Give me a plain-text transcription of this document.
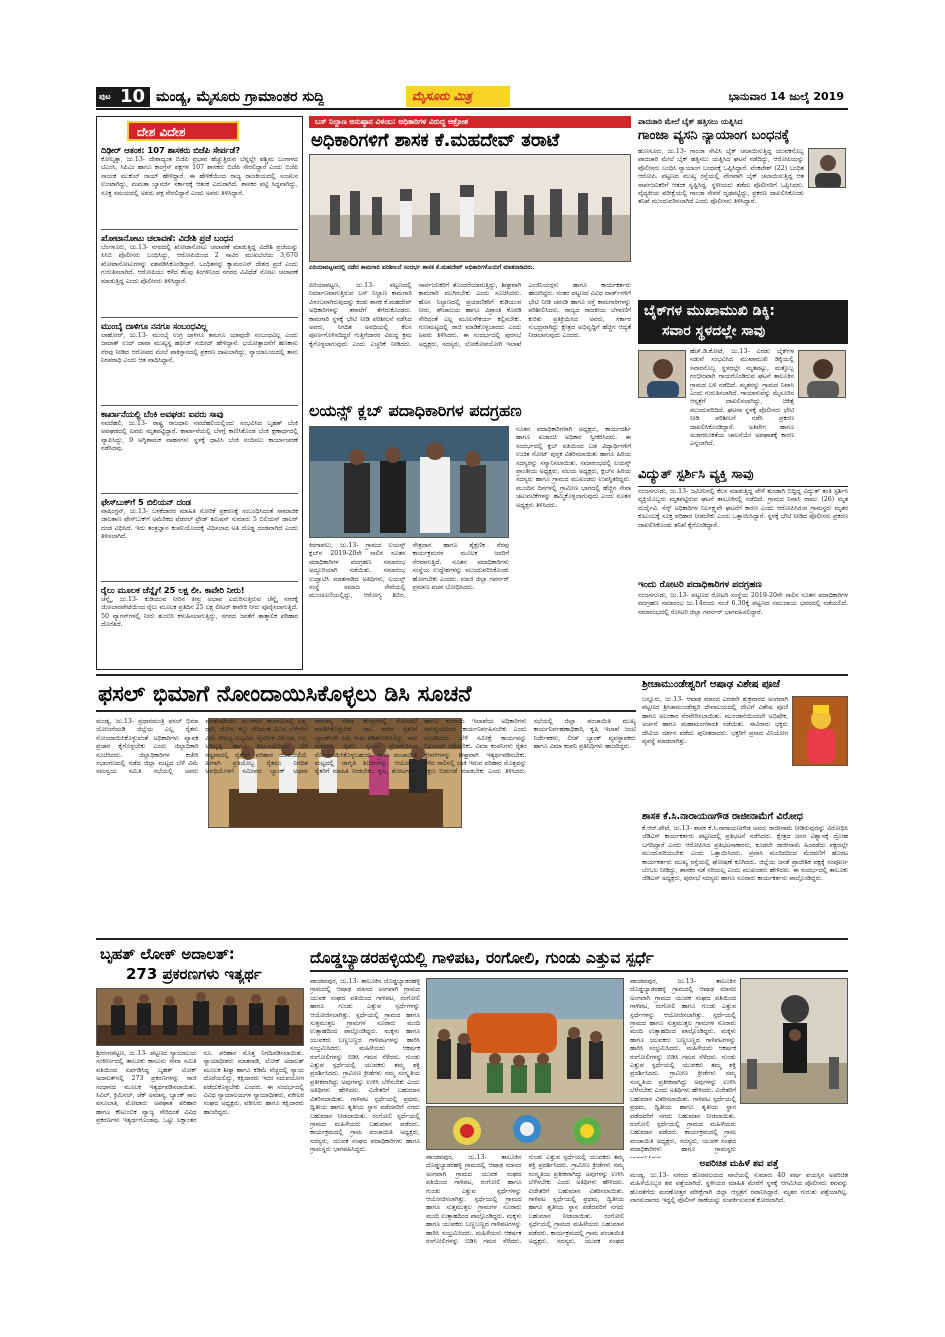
ಪುಟ 10 ಮಂಡ್ಯ, ಮೈಸೂರು ಗ್ರಾಮಾಂತರ ಸುದ್ದಿ	ಮೈಸೂರು ಮಿತ್ರ	ಭಾನುವಾರ 14 ಜುಲೈ 2019
ದೇಶ ವಿದೇಶ
ದಿಢೀರ್ ಆತಂಕ: 107 ಶಾಸಕರು ಬಿಜೆಪಿ ಸೇರ್ಪಡೆ?
ಕೋಲ್ಕತ್ತಾ, ಜು.13- ದೇಶಾದ್ಯಂತ ಬಿಜೆಪಿ ಪ್ರಭಾವ ಹೆಚ್ಚುತ್ತಿರುವ ಬೆನ್ನಲ್ಲೇ ಪಶ್ಚಿಮ ಬಂಗಾಳದ ಟಿಎಂಸಿ, ಸಿಪಿಎಂ ಹಾಗೂ ಕಾಂಗ್ರೆಸ್ ಪಕ್ಷಗಳ 107 ಶಾಸಕರು ಬಿಜೆಪಿ ಸೇರಲಿದ್ದಾರೆ ಎಂದು ಬಿಜೆಪಿ ನಾಯಕ ಮುಕುಲ್ ರಾಯ್ ಹೇಳಿದ್ದಾರೆ. ಈ ಹೇಳಿಕೆಯಿಂದ ರಾಜ್ಯ ರಾಜಕೀಯದಲ್ಲಿ ಸಂಚಲನ ಉಂಟಾಗಿದ್ದು, ಮಮತಾ ಬ್ಯಾನರ್ಜಿ ಸರ್ಕಾರಕ್ಕೆ ಆತಂಕ ಎದುರಾಗಿದೆ. ಶಾಸಕರ ಪಟ್ಟಿ ಸಿದ್ಧವಾಗಿದ್ದು, ಸೂಕ್ತ ಸಮಯದಲ್ಲಿ ಅವರು ಪಕ್ಷ ಸೇರಲಿದ್ದಾರೆ ಎಂದು ಅವರು ತಿಳಿಸಿದ್ದಾರೆ.
ಖೋಟಾನೋಟು ಚಲಾವಣೆ: ವಿದೇಶಿ ಪ್ರಜೆ ಬಂಧನ
ಬೆಂಗಳೂರು, ಜು.13- ನಗರದಲ್ಲಿ ಖೋಟಾನೋಟು ಚಲಾವಣೆ ಮಾಡುತ್ತಿದ್ದ ವಿದೇಶಿ ಪ್ರಜೆಯನ್ನು ಸಿಸಿಬಿ ಪೊಲೀಸರು ಬಂಧಿಸಿದ್ದು, ಆರೋಪಿಯಿಂದ 2 ಸಾವಿರ ಮುಖಬೆಲೆಯ 3,670 ಖೋಟಾನೋಟುಗಳನ್ನು ವಶಪಡಿಸಿಕೊಂಡಿದ್ದಾರೆ. ಬಂಧಿತನನ್ನು ಕ್ಯಾಮರೂನ್ ದೇಶದ ಪ್ರಜೆ ಎಂದು ಗುರುತಿಸಲಾಗಿದೆ. ಆರೋಪಿಯು ಕಳೆದ ಕೆಲವು ತಿಂಗಳಿನಿಂದ ನಗರದ ವಿವಿಧೆಡೆ ನೋಟು ಚಲಾವಣೆ ಮಾಡುತ್ತಿದ್ದ ಎಂದು ಪೊಲೀಸರು ತಿಳಿಸಿದ್ದಾರೆ.
ಮುಂಬೈ ದಾಳಿಗೂ ನನಗೂ ಸಂಬಂಧವಿಲ್ಲ
ಲಾಹೋರ್, ಜು.13- ಮುಂಬೈ ಉಗ್ರ ದಾಳಿಗೂ ತಮಗೂ ಯಾವುದೇ ಸಂಬಂಧವಿಲ್ಲ ಎಂದು ಜಮಾತ್ ಉದ್ ದಾವಾ ಮುಖ್ಯಸ್ಥ ಹಫೀಜ್ ಸಯೀದ್ ಹೇಳಿದ್ದಾನೆ. ಭಯೋತ್ಪಾದನೆಗೆ ಹಣಕಾಸು ನೆರವು ನೀಡಿದ ಆರೋಪದ ಮೇಲೆ ಪಾಕಿಸ್ತಾನದಲ್ಲಿ ಪ್ರಕರಣ ದಾಖಲಾಗಿದ್ದು, ನ್ಯಾಯಾಲಯದಲ್ಲಿ ತಾನು ನಿರಪರಾಧಿ ಎಂದು ಆತ ವಾದಿಸಿದ್ದಾನೆ.
ಕಾರ್ಖಾನೆಯಲ್ಲಿ ಬೆಂಕಿ ಅವಘಡ: ಐವರು ಸಾವು
ನವದೆಹಲಿ, ಜು.13- ರಾಷ್ಟ್ರ ರಾಜಧಾನಿ ನವದೆಹಲಿಯಲ್ಲಿಂದು ಸಂಭವಿಸಿದ ಬೃಹತ್ ಬೆಂಕಿ ಅವಘಡದಲ್ಲಿ ಐವರು ಮೃತಪಟ್ಟಿದ್ದಾರೆ. ಕಾರ್ಖಾನೆಯಲ್ಲಿ ಬೆಳಗ್ಗೆ ಕಾಣಿಸಿಕೊಂಡ ಬೆಂಕಿ ಕ್ಷಣಾರ್ಧದಲ್ಲಿ ವ್ಯಾಪಿಸಿದ್ದು, 9 ಅಗ್ನಿಶಾಮಕ ವಾಹನಗಳು ಸ್ಥಳಕ್ಕೆ ಧಾವಿಸಿ ಬೆಂಕಿ ನಂದಿಸಲು ಕಾರ್ಯಾಚರಣೆ ನಡೆಸಿದವು.
ಫೇಸ್‍ಬುಕ್‍ಗೆ 5 ಬಿಲಿಯನ್ ದಂಡ
ವಾಷಿಂಗ್ಟನ್, ಜು.13- ಬಳಕೆದಾರರ ಮಾಹಿತಿ ಸೋರಿಕೆ ಪ್ರಕರಣಕ್ಕೆ ಸಂಬಂಧಿಸಿದಂತೆ ಸಾಮಾಜಿಕ ಜಾಲತಾಣ ಫೇಸ್‍ಬುಕ್‍ಗೆ ಅಮೆರಿಕದ ಫೆಡರಲ್ ಟ್ರೇಡ್ ಕಮಿಷನ್ ಸುಮಾರು 5 ಬಿಲಿಯನ್ ಡಾಲರ್ ದಂಡ ವಿಧಿಸಿದೆ. ಇದು ತಂತ್ರಜ್ಞಾನ ಕಂಪನಿಯೊಂದಕ್ಕೆ ವಿಧಿಸಲಾದ ಅತಿ ದೊಡ್ಡ ದಂಡವಾಗಿದೆ ಎಂದು ತಿಳಿಸಲಾಗಿದೆ.
ರೈಲು ಮೂಲಕ ಚೆನ್ನೈಗೆ 25 ಲಕ್ಷ ಲೀ. ಕಾವೇರಿ ನೀರು!
ಚೆನ್ನೈ, ಜು.13- ಕುಡಿಯುವ ನೀರಿನ ತೀವ್ರ ಅಭಾವ ಎದುರಿಸುತ್ತಿರುವ ಚೆನ್ನೈ ನಗರಕ್ಕೆ ಜೋಲಾರಪೇಟೆಯಿಂದ ರೈಲು ಮೂಲಕ ಪ್ರತಿದಿನ 25 ಲಕ್ಷ ಲೀಟರ್ ಕಾವೇರಿ ನೀರು ಪೂರೈಸಲಾಗುತ್ತಿದೆ. 50 ವ್ಯಾಗನ್‍ಗಳಲ್ಲಿ ನೀರು ತುಂಬಿಸಿ ಕಳುಹಿಸಲಾಗುತ್ತಿದ್ದು, ನಗರದ ಜನತೆಗೆ ತಾತ್ಕಾಲಿಕ ಪರಿಹಾರ ದೊರೆತಿದೆ.
ಬಸ್ ನಿಲ್ದಾಣ ಅನುಷ್ಠಾನ ವಿಳಂಬ: ಅಧಿಕಾರಿಗಳ ವಿರುದ್ಧ ಆಕ್ರೋಶ
ಅಧಿಕಾರಿಗಳಿಗೆ ಶಾಸಕ ಕೆ.ಮಹದೇವ್ ತರಾಟೆ
ಪಿರಿಯಾಪಟ್ಟಣದಲ್ಲಿ ನಡೆದ ಕಾಮಗಾರಿ ಪರಿಶೀಲನೆ ಸಂದರ್ಭ ಶಾಸಕ ಕೆ.ಮಹದೇವ್ ಅಧಿಕಾರಿಗಳೊಂದಿಗೆ ಮಾತನಾಡಿದರು.
ಪಿರಿಯಾಪಟ್ಟಣ, ಜು.13- ಪಟ್ಟಣದಲ್ಲಿ ನಿರ್ಮಾಣವಾಗುತ್ತಿರುವ ಬಸ್ ನಿಲ್ದಾಣ ಕಾಮಗಾರಿ ವಿಳಂಬವಾಗಿರುವುದನ್ನು ಕಂಡು ಶಾಸಕ ಕೆ.ಮಹದೇವ್ ಅಧಿಕಾರಿಗಳನ್ನು ತರಾಟೆಗೆ ತೆಗೆದುಕೊಂಡರು. ಕಾಮಗಾರಿ ಸ್ಥಳಕ್ಕೆ ಭೇಟಿ ನೀಡಿ ಪರಿಶೀಲನೆ ನಡೆಸಿದ ಅವರು, ನಿಗದಿತ ಅವಧಿಯಲ್ಲಿ ಕೆಲಸ ಪೂರ್ಣಗೊಳಿಸದಿದ್ದರೆ ಗುತ್ತಿಗೆದಾರರ ವಿರುದ್ಧ ಕ್ರಮ ಕೈಗೊಳ್ಳಲಾಗುವುದು ಎಂದು ಎಚ್ಚರಿಕೆ ನೀಡಿದರು. ಸಾರ್ವಜನಿಕರಿಗೆ ತೊಂದರೆಯಾಗುತ್ತಿದ್ದು, ಶೀಘ್ರವಾಗಿ ಕಾಮಗಾರಿ ಮುಗಿಸಬೇಕು ಎಂದು ಸೂಚಿಸಿದರು. ಹೊಸ ನಿಲ್ದಾಣದಲ್ಲಿ ಪ್ರಯಾಣಿಕರಿಗೆ ಕುಡಿಯುವ ನೀರು, ಶೌಚಾಲಯ ಹಾಗೂ ವಿಶ್ರಾಂತಿ ಕೊಠಡಿ ಸೇರಿದಂತೆ ಎಲ್ಲ ಮೂಲಸೌಕರ್ಯ ಕಲ್ಪಿಸಬೇಕು. ಗುಣಮಟ್ಟದಲ್ಲಿ ರಾಜಿ ಮಾಡಿಕೊಳ್ಳಬಾರದು ಎಂದು ಅವರು ತಿಳಿಸಿದರು. ಈ ಸಂದರ್ಭದಲ್ಲಿ ಪುರಸಭೆ ಅಧ್ಯಕ್ಷರು, ಸದಸ್ಯರು, ಲೋಕೋಪಯೋಗಿ ಇಲಾಖೆ ಎಂಜಿನಿಯರ್‍ಗಳು ಹಾಗೂ ಕಾರ್ಯಕರ್ತರು ಹಾಜರಿದ್ದರು. ನಂತರ ಪಟ್ಟಣದ ವಿವಿಧ ವಾರ್ಡ್‍ಗಳಿಗೆ ಭೇಟಿ ನೀಡಿ ಚರಂಡಿ ಹಾಗೂ ರಸ್ತೆ ಕಾಮಗಾರಿಗಳನ್ನು ಪರಿಶೀಲಿಸಿದರು. ರಾಜ್ಯದ ರಾಜಕೀಯ ಬೆಳವಣಿಗೆ ಕುರಿತು ಪ್ರತಿಕ್ರಿಯಿಸಿದ ಅವರು, ಸರ್ಕಾರ ಸುಭದ್ರವಾಗಿದ್ದು ಕ್ಷೇತ್ರದ ಅಭಿವೃದ್ಧಿಗೆ ಹೆಚ್ಚಿನ ಆದ್ಯತೆ ನೀಡಲಾಗುವುದು ಎಂದರು.
ಪಾದಚಾರಿ ಮೇಲೆ ಬೈಕ್ ಹತ್ತಿಸಲು ಯತ್ನಿಸಿದ
ಗಾಂಜಾ ವ್ಯಸನಿ ನ್ಯಾಯಾಂಗ ಬಂಧನಕ್ಕೆ
ಹುಣಸೂರು, ಜು.13- ಗಾಂಜಾ ಸೇವಿಸಿ ಬೈಕ್ ಚಲಾಯಿಸುತ್ತಿದ್ದ ಯುವಕನೊಬ್ಬ ಪಾದಚಾರಿ ಮೇಲೆ ಬೈಕ್ ಹತ್ತಿಸಲು ಯತ್ನಿಸಿದ ಘಟನೆ ನಡೆದಿದ್ದು, ಆರೋಪಿಯನ್ನು ಪೊಲೀಸರು ಬಂಧಿಸಿ ನ್ಯಾಯಾಂಗ ಬಂಧನಕ್ಕೆ ಒಪ್ಪಿಸಿದ್ದಾರೆ. ವೆಂಕಟೇಶ್ (22) ಬಂಧಿತ ಆರೋಪಿ. ಪಟ್ಟಣದ ಮುಖ್ಯ ರಸ್ತೆಯಲ್ಲಿ ವೇಗವಾಗಿ ಬೈಕ್ ಚಲಾಯಿಸುತ್ತಿದ್ದ ಆತ ಸಾರ್ವಜನಿಕರಿಗೆ ಆತಂಕ ಸೃಷ್ಟಿಸಿದ್ದ. ಸ್ಥಳೀಯರು ತಡೆದು ಪೊಲೀಸರಿಗೆ ಒಪ್ಪಿಸಿದರು. ವೈದ್ಯಕೀಯ ಪರೀಕ್ಷೆಯಲ್ಲಿ ಗಾಂಜಾ ಸೇವನೆ ದೃಢಪಟ್ಟಿದ್ದು, ಪ್ರಕರಣ ದಾಖಲಿಸಿಕೊಂಡು ತನಿಖೆ ಮುಂದುವರಿಸಲಾಗಿದೆ ಎಂದು ಪೊಲೀಸರು ತಿಳಿಸಿದ್ದಾರೆ.
ಬೈಕ್‍ಗಳ ಮುಖಾಮುಖಿ ಡಿಕ್ಕಿ:
ಸವಾರ ಸ್ಥಳದಲ್ಲೇ ಸಾವು
ಹೆಚ್.ಡಿ.ಕೋಟೆ, ಜು.13- ಎರಡು ಬೈಕ್‍ಗಳ ನಡುವೆ ಸಂಭವಿಸಿದ ಮುಖಾಮುಖಿ ಡಿಕ್ಕಿಯಲ್ಲಿ ಸವಾರನೊಬ್ಬ ಸ್ಥಳದಲ್ಲೇ ಮೃತಪಟ್ಟು, ಮತ್ತೊಬ್ಬ ಗಂಭೀರವಾಗಿ ಗಾಯಗೊಂಡಿರುವ ಘಟನೆ ತಾಲೂಕಿನ ಗ್ರಾಮದ ಬಳಿ ನಡೆದಿದೆ. ಮೃತನನ್ನು ಗ್ರಾಮದ ನಿವಾಸಿ ಎಂದು ಗುರುತಿಸಲಾಗಿದೆ. ಗಾಯಾಳುವನ್ನು ಮೈಸೂರಿನ ಆಸ್ಪತ್ರೆಗೆ ದಾಖಲಿಸಲಾಗಿದ್ದು, ಚಿಕಿತ್ಸೆ ಮುಂದುವರಿದಿದೆ. ಘಟನಾ ಸ್ಥಳಕ್ಕೆ ಪೊಲೀಸರು ಭೇಟಿ ನೀಡಿ ಪರಿಶೀಲನೆ ನಡೆಸಿ ಪ್ರಕರಣ ದಾಖಲಿಸಿಕೊಂಡಿದ್ದಾರೆ. ಅತಿವೇಗ ಹಾಗೂ ಅಜಾಗರೂಕತೆಯ ಚಾಲನೆಯೇ ಅಪಘಾತಕ್ಕೆ ಕಾರಣ ಎನ್ನಲಾಗಿದೆ.
ವಿದ್ಯುತ್ ಸ್ಪರ್ಶಿಸಿ ವ್ಯಕ್ತಿ ಸಾವು
ನಂಜನಗೂಡು, ಜು.13- ಜಮೀನಿನಲ್ಲಿ ಕೆಲಸ ಮಾಡುತ್ತಿದ್ದ ವೇಳೆ ತುಂಡಾಗಿ ಬಿದ್ದಿದ್ದ ವಿದ್ಯುತ್ ತಂತಿ ಸ್ಪರ್ಶಿಸಿ ವ್ಯಕ್ತಿಯೊಬ್ಬರು ಮೃತಪಟ್ಟಿರುವ ಘಟನೆ ತಾಲೂಕಿನಲ್ಲಿ ನಡೆದಿದೆ. ಗ್ರಾಮದ ನಿವಾಸಿ ರಾಮು (26) ಮೃತ ದುರ್ದೈವಿ. ಸೆಸ್ಕ್ ಅಧಿಕಾರಿಗಳ ನಿರ್ಲಕ್ಷ್ಯವೇ ಘಟನೆಗೆ ಕಾರಣ ಎಂದು ಆರೋಪಿಸಿರುವ ಗ್ರಾಮಸ್ಥರು ಮೃತರ ಕುಟುಂಬಕ್ಕೆ ಸೂಕ್ತ ಪರಿಹಾರ ನೀಡಬೇಕು ಎಂದು ಒತ್ತಾಯಿಸಿದ್ದಾರೆ. ಸ್ಥಳಕ್ಕೆ ಭೇಟಿ ನೀಡಿದ ಪೊಲೀಸರು ಪ್ರಕರಣ ದಾಖಲಿಸಿಕೊಂಡು ತನಿಖೆ ಕೈಗೊಂಡಿದ್ದಾರೆ.
ಇಂದು ರೋಟರಿ ಪದಾಧಿಕಾರಿಗಳ ಪದಗ್ರಹಣ
ನಂಜನಗೂಡು, ಜು.13- ಪಟ್ಟಣದ ರೋಟರಿ ಸಂಸ್ಥೆಯ 2019-20ನೇ ಸಾಲಿನ ನೂತನ ಪದಾಧಿಕಾರಿಗಳ ಪದಗ್ರಹಣ ಸಮಾರಂಭ ಜು.14ರಂದು ಸಂಜೆ 6.30ಕ್ಕೆ ಪಟ್ಟಣದ ಸಮುದಾಯ ಭವನದಲ್ಲಿ ನಡೆಯಲಿದೆ. ಸಮಾರಂಭದಲ್ಲಿ ರೋಟರಿ ಜಿಲ್ಲಾ ಗವರ್ನರ್ ಭಾಗವಹಿಸಲಿದ್ದಾರೆ.
ಲಯನ್ಸ್ ಕ್ಲಬ್ ಪದಾಧಿಕಾರಿಗಳ ಪದಗ್ರಹಣ
ಕಿರಗಾವಲು, ಜು.13- ಗ್ರಾಮದ ಲಯನ್ಸ್ ಕ್ಲಬ್‍ನ 2019-20ನೇ ಸಾಲಿನ ನೂತನ ಪದಾಧಿಕಾರಿಗಳ ಪದಗ್ರಹಣ ಸಮಾರಂಭ ಅದ್ಧೂರಿಯಾಗಿ ನಡೆಯಿತು. ಸಮಾರಂಭ ಉದ್ಘಾಟಿಸಿ ಮಾತನಾಡಿದ ಅತಿಥಿಗಳು, ಲಯನ್ಸ್ ಸಂಸ್ಥೆ ಸಮಾಜ ಸೇವೆಯಲ್ಲಿ ಮುಂಚೂಣಿಯಲ್ಲಿದ್ದು, ಆರೋಗ್ಯ ಶಿಬಿರ, ನೇತ್ರದಾನ ಹಾಗೂ ಶೈಕ್ಷಣಿಕ ನೆರವು ಕಾರ್ಯಕ್ರಮಗಳ ಮೂಲಕ ಜನರಿಗೆ ನೆರವಾಗುತ್ತಿದೆ. ನೂತನ ಪದಾಧಿಕಾರಿಗಳು ಸಂಸ್ಥೆಯ ಉದ್ದೇಶಗಳನ್ನು ಮುಂದುವರಿಸಿಕೊಂಡು ಹೋಗಬೇಕು ಎಂದರು. ಮಾಜಿ ಜಿಲ್ಲಾ ಗವರ್ನರ್ ಪ್ರಮಾಣ ವಚನ ಬೋಧಿಸಿದರು.
ನೂತನ ಪದಾಧಿಕಾರಿಗಳಾಗಿ ಅಧ್ಯಕ್ಷರು, ಕಾರ್ಯದರ್ಶಿ ಹಾಗೂ ಖಜಾಂಚಿ ಅಧಿಕಾರ ಸ್ವೀಕರಿಸಿದರು. ಈ ಸಂದರ್ಭದಲ್ಲಿ ಕ್ಲಬ್ ವತಿಯಿಂದ ಬಡ ವಿದ್ಯಾರ್ಥಿಗಳಿಗೆ ಉಚಿತ ನೋಟ್ ಪುಸ್ತಕ ವಿತರಿಸಲಾಯಿತು ಹಾಗೂ ಹಿರಿಯ ಸದಸ್ಯರನ್ನು ಸನ್ಮಾನಿಸಲಾಯಿತು. ಸಮಾರಂಭದಲ್ಲಿ ಲಯನ್ಸ್ ಪ್ರಾಂತೀಯ ಅಧ್ಯಕ್ಷರು, ವಲಯ ಅಧ್ಯಕ್ಷರು, ಕ್ಲಬ್‍ನ ಹಿರಿಯ ಸದಸ್ಯರು ಹಾಗೂ ಗ್ರಾಮದ ಮುಖಂಡರು ಉಪಸ್ಥಿತರಿದ್ದರು. ಮುಂದಿನ ದಿನಗಳಲ್ಲಿ ಗ್ರಾಮೀಣ ಭಾಗದಲ್ಲಿ ಹೆಚ್ಚಿನ ಸೇವಾ ಚಟುವಟಿಕೆಗಳನ್ನು ಹಮ್ಮಿಕೊಳ್ಳಲಾಗುವುದು ಎಂದು ನೂತನ ಅಧ್ಯಕ್ಷರು ತಿಳಿಸಿದರು.
ಫಸಲ್ ಭಿಮಾಗೆ ನೋಂದಾಯಿಸಿಕೊಳ್ಳಲು ಡಿಸಿ ಸೂಚನೆ
ಮಂಡ್ಯ, ಜು.13- ಪ್ರಧಾನಮಂತ್ರಿ ಫಸಲ್ ಭಿಮಾ ಯೋಜನೆಯಡಿ ಜಿಲ್ಲೆಯ ಎಲ್ಲ ರೈತರು ನೋಂದಾಯಿಸಿಕೊಳ್ಳುವಂತೆ ಅಧಿಕಾರಿಗಳು ವ್ಯಾಪಕ ಪ್ರಚಾರ ಕೈಗೊಳ್ಳಬೇಕು ಎಂದು ಜಿಲ್ಲಾಧಿಕಾರಿ ಸೂಚಿಸಿದರು. ಜಿಲ್ಲಾಧಿಕಾರಿಗಳ ಕಚೇರಿ ಸಭಾಂಗಣದಲ್ಲಿ ನಡೆದ ಜಿಲ್ಲಾ ಮಟ್ಟದ ಬೆಳೆ ವಿಮೆ ಸಮನ್ವಯ ಸಮಿತಿ ಸಭೆಯಲ್ಲಿ ಅವರು ಮಾತನಾಡಿದರು. ಮುಂಗಾರು ಹಂಗಾಮಿನಲ್ಲಿ ಭತ್ತ, ರಾಗಿ, ಜೋಳ, ಕಬ್ಬು ಸೇರಿದಂತೆ ವಿವಿಧ ಬೆಳೆಗಳಿಗೆ ವಿಮೆ ಸೌಲಭ್ಯ ಲಭ್ಯವಿದೆ. ನೈಸರ್ಗಿಕ ವಿಕೋಪ, ಬರ, ಅತಿವೃಷ್ಟಿ ಹಾಗೂ ಕೀಟಬಾಧೆಯಿಂದ ಬೆಳೆ ನಷ್ಟವಾದಲ್ಲಿ ರೈತರಿಗೆ ಪರಿಹಾರ ದೊರೆಯಲಿದೆ. ಹೀಗಾಗಿ ಪ್ರತಿಯೊಬ್ಬ ರೈತರೂ ನಿಗದಿತ ಅವಧಿಯೊಳಗೆ ಸಮೀಪದ ಬ್ಯಾಂಕ್ ಅಥವಾ ಸಾಮಾನ್ಯ ಸೇವಾ ಕೇಂದ್ರಗಳಲ್ಲಿ ನೋಂದಣಿ ಮಾಡಿಸಿಕೊಳ್ಳಬೇಕು. ಸಾಲ ಪಡೆದ ರೈತರಿಗೆ ಬ್ಯಾಂಕ್‍ಗಳೇ ವಿಮೆ ಕಂತು ಕಡಿತಗೊಳಿಸಲಿದ್ದು, ಸಾಲ ಪಡೆಯದ ರೈತರು ಸ್ವಯಂ ಪ್ರೇರಣೆಯಿಂದ ನೋಂದಾಯಿಸಿಕೊಳ್ಳಬಹುದು. ಗ್ರಾಮ ಪಂಚಾಯಿತಿ ಮಟ್ಟದಲ್ಲಿ ಜಾಗೃತಿ ಶಿಬಿರಗಳನ್ನು ಆಯೋಜಿಸಿ ರೈತರಿಗೆ ಮಾಹಿತಿ ನೀಡಬೇಕು. ಕೃಷಿ, ತೋಟಗಾರಿಕೆ ಹಾಗೂ ಕಂದಾಯ ಇಲಾಖೆಯ ಅಧಿಕಾರಿಗಳು ಸಮನ್ವಯದಿಂದ ಕಾರ್ಯನಿರ್ವಹಿಸಬೇಕು ಎಂದು ಸೂಚಿಸಿದರು. ಬೆಳೆ ಸಮೀಕ್ಷೆ ಕಾರ್ಯವನ್ನು ನಿಖರವಾಗಿ ನಡೆಸಬೇಕು. ವಿಮಾ ಕಂಪನಿಗಳು ರೈತರ ಕ್ಲೇಮ್‍ಗಳನ್ನು ಶೀಘ್ರವಾಗಿ ಇತ್ಯರ್ಥಪಡಿಸಬೇಕು. ಕಳೆದ ಸಾಲಿನಲ್ಲಿ ಬಾಕಿ ಇರುವ ಪರಿಹಾರ ಮೊತ್ತವನ್ನು ತಕ್ಷಣ ಬಿಡುಗಡೆ ಮಾಡಬೇಕು ಎಂದು ತಿಳಿಸಿದರು. ಸಭೆಯಲ್ಲಿ ಜಿಲ್ಲಾ ಪಂಚಾಯಿತಿ ಮುಖ್ಯ ಕಾರ್ಯನಿರ್ವಹಣಾಧಿಕಾರಿ, ಕೃಷಿ ಇಲಾಖೆ ಜಂಟಿ ನಿರ್ದೇಶಕರು, ಲೀಡ್ ಬ್ಯಾಂಕ್ ವ್ಯವಸ್ಥಾಪಕರು ಹಾಗೂ ವಿಮಾ ಕಂಪನಿ ಪ್ರತಿನಿಧಿಗಳು ಹಾಜರಿದ್ದರು.
ಶ್ರೀಚಾಮುಂಡೇಶ್ವರಿಗೆ ಆಷಾಢ ವಿಶೇಷ ಪೂಜೆ
ಬನ್ನೂರು, ಜು.13- ಆಷಾಢ ಮಾಸದ ಎರಡನೇ ಶುಕ್ರವಾರದ ಅಂಗವಾಗಿ ಪಟ್ಟಣದ ಶ್ರೀಚಾಮುಂಡೇಶ್ವರಿ ದೇವಾಲಯದಲ್ಲಿ ದೇವಿಗೆ ವಿಶೇಷ ಪೂಜೆ ಹಾಗೂ ಅಲಂಕಾರ ನೆರವೇರಿಸಲಾಯಿತು. ಮುಂಜಾನೆಯಿಂದಲೇ ಅಭಿಷೇಕ, ಅರ್ಚನೆ ಹಾಗೂ ಮಹಾಮಂಗಳಾರತಿ ನಡೆಯಿತು. ಸಾವಿರಾರು ಭಕ್ತರು ದೇವಿಯ ದರ್ಶನ ಪಡೆದು ಪುನೀತರಾದರು. ಭಕ್ತರಿಗೆ ಪ್ರಸಾದ ವಿನಿಯೋಗ ವ್ಯವಸ್ಥೆ ಮಾಡಲಾಗಿತ್ತು.
ಶಾಸಕ ಕೆ.ಸಿ.ನಾರಾಯಣಗೌಡ ರಾಜೀನಾಮೆಗೆ ವಿರೋಧ
ಕೆ.ಆರ್.ಪೇಟೆ, ಜು.13- ಶಾಸಕ ಕೆ.ಸಿ.ನಾರಾಯಣಗೌಡ ಅವರು ರಾಜೀನಾಮೆ ನೀಡಿರುವುದನ್ನು ವಿರೋಧಿಸಿ ಜೆಡಿಎಸ್ ಕಾರ್ಯಕರ್ತರು ಪಟ್ಟಣದಲ್ಲಿ ಪ್ರತಿಭಟನೆ ನಡೆಸಿದರು. ಕ್ಷೇತ್ರದ ಜನರ ವಿಶ್ವಾಸಕ್ಕೆ ದ್ರೋಹ ಬಗೆದಿದ್ದಾರೆ ಎಂದು ಆರೋಪಿಸಿದ ಪ್ರತಿಭಟನಾಕಾರರು, ಕೂಡಲೇ ರಾಜೀನಾಮೆ ಹಿಂಪಡೆದು ಪಕ್ಷದಲ್ಲೇ ಮುಂದುವರಿಯಬೇಕು ಎಂದು ಒತ್ತಾಯಿಸಿದರು. ಪ್ರವಾಸಿ ಮಂದಿರದಿಂದ ಮೆರವಣಿಗೆ ಹೊರಟ ಕಾರ್ಯಕರ್ತರು ಮುಖ್ಯ ರಸ್ತೆಯಲ್ಲಿ ಘೋಷಣೆ ಕೂಗಿದರು. ಜಿಲ್ಲೆಯ ಜನತೆ ಪ್ರಾದೇಶಿಕ ಪಕ್ಷಕ್ಕೆ ಸಂಪೂರ್ಣ ಬೆಂಬಲ ನೀಡಿದ್ದು, ಶಾಸಕರ ನಡೆ ಸರಿಯಲ್ಲ ಎಂದು ಮುಖಂಡರು ಹೇಳಿದರು. ಈ ಸಂದರ್ಭದಲ್ಲಿ ತಾಲೂಕು ಜೆಡಿಎಸ್ ಅಧ್ಯಕ್ಷರು, ಪುರಸಭೆ ಸದಸ್ಯರು ಹಾಗೂ ನೂರಾರು ಕಾರ್ಯಕರ್ತರು ಪಾಲ್ಗೊಂಡಿದ್ದರು.
ಬೃಹತ್ ಲೋಕ್ ಅದಾಲತ್:
273 ಪ್ರಕರಣಗಳು ಇತ್ಯರ್ಥ
ಶ್ರೀರಂಗಪಟ್ಟಣ, ಜು.13- ಪಟ್ಟಣದ ನ್ಯಾಯಾಲಯ ಸಂಕೀರ್ಣದಲ್ಲಿ ತಾಲೂಕು ಕಾನೂನು ಸೇವಾ ಸಮಿತಿ ವತಿಯಿಂದ ಏರ್ಪಡಿಸಿದ್ದ ಬೃಹತ್ ಲೋಕ್ ಅದಾಲತ್‍ನಲ್ಲಿ 273 ಪ್ರಕರಣಗಳನ್ನು ರಾಜಿ ಸಂಧಾನದ ಮೂಲಕ ಇತ್ಯರ್ಥಪಡಿಸಲಾಯಿತು. ಸಿವಿಲ್, ಕ್ರಿಮಿನಲ್, ಚೆಕ್ ಅಮಾನ್ಯ, ಬ್ಯಾಂಕ್ ಸಾಲ ವಸೂಲಾತಿ, ಮೋಟಾರು ಅಪಘಾತ ಪರಿಹಾರ ಹಾಗೂ ಕೌಟುಂಬಿಕ ವ್ಯಾಜ್ಯ ಸೇರಿದಂತೆ ವಿವಿಧ ಪ್ರಕರಣಗಳು ಇತ್ಯರ್ಥಗೊಂಡವು. ಒಟ್ಟು ಲಕ್ಷಾಂತರ ರೂ. ಪರಿಹಾರ ಮೊತ್ತ ನಿಗದಿಪಡಿಸಲಾಯಿತು. ನ್ಯಾಯಾಧೀಶರು ಮಾತನಾಡಿ, ಲೋಕ್ ಅದಾಲತ್ ಮೂಲಕ ಶೀಘ್ರ ಹಾಗೂ ಕಡಿಮೆ ವೆಚ್ಚದಲ್ಲಿ ನ್ಯಾಯ ದೊರೆಯಲಿದ್ದು, ಕಕ್ಷಿದಾರರು ಇದರ ಸದುಪಯೋಗ ಪಡೆದುಕೊಳ್ಳಬೇಕು ಎಂದರು. ಈ ಸಂದರ್ಭದಲ್ಲಿ ವಿವಿಧ ನ್ಯಾಯಾಲಯಗಳ ನ್ಯಾಯಾಧೀಶರು, ವಕೀಲರ ಸಂಘದ ಅಧ್ಯಕ್ಷರು, ವಕೀಲರು ಹಾಗೂ ಕಕ್ಷಿದಾರರು ಹಾಜರಿದ್ದರು.
ದೊಡ್ಡಬ್ಯಾಡರಹಳ್ಳಿಯಲ್ಲಿ ಗಾಳಿಪಟ, ರಂಗೋಲಿ, ಗುಂಡು ಎತ್ತುವ ಸ್ಪರ್ಧೆ
ಪಾಂಡವಪುರ, ಜು.13- ತಾಲೂಕಿನ ದೊಡ್ಡಬ್ಯಾಡರಹಳ್ಳಿ ಗ್ರಾಮದಲ್ಲಿ ಆಷಾಢ ಮಾಸದ ಅಂಗವಾಗಿ ಗ್ರಾಮದ ಯುವಕ ಸಂಘದ ವತಿಯಿಂದ ಗಾಳಿಪಟ, ರಂಗೋಲಿ ಹಾಗೂ ಗುಂಡು ಎತ್ತುವ ಸ್ಪರ್ಧೆಗಳನ್ನು ಆಯೋಜಿಸಲಾಗಿತ್ತು. ಸ್ಪರ್ಧೆಯಲ್ಲಿ ಗ್ರಾಮದ ಹಾಗೂ ಸುತ್ತಮುತ್ತಲ ಗ್ರಾಮಗಳ ನೂರಾರು ಮಂದಿ ಉತ್ಸಾಹದಿಂದ ಪಾಲ್ಗೊಂಡಿದ್ದರು. ಮಕ್ಕಳು ಹಾಗೂ ಯುವಕರು ಬಣ್ಣಬಣ್ಣದ ಗಾಳಿಪಟಗಳನ್ನು ಹಾರಿಸಿ ಸಂಭ್ರಮಿಸಿದರು. ಮಹಿಳೆಯರು ಆಕರ್ಷಕ ರಂಗೋಲಿಗಳನ್ನು ಬಿಡಿಸಿ ಗಮನ ಸೆಳೆದರು. ಗುಂಡು ಎತ್ತುವ ಸ್ಪರ್ಧೆಯಲ್ಲಿ ಯುವಕರು ತಮ್ಮ ಶಕ್ತಿ ಪ್ರದರ್ಶಿಸಿದರು. ಗ್ರಾಮೀಣ ಕ್ರೀಡೆಗಳು ನಮ್ಮ ಸಂಸ್ಕೃತಿಯ ಪ್ರತೀಕವಾಗಿದ್ದು ಅವುಗಳನ್ನು ಉಳಿಸಿ ಬೆಳೆಸಬೇಕು ಎಂದು ಅತಿಥಿಗಳು ಹೇಳಿದರು. ವಿಜೇತರಿಗೆ ಬಹುಮಾನ ವಿತರಿಸಲಾಯಿತು. ಗಾಳಿಪಟ ಸ್ಪರ್ಧೆಯಲ್ಲಿ ಪ್ರಥಮ, ದ್ವಿತೀಯ ಹಾಗೂ ತೃತೀಯ ಸ್ಥಾನ ಪಡೆದವರಿಗೆ ನಗದು ಬಹುಮಾನ ನೀಡಲಾಯಿತು. ರಂಗೋಲಿ ಸ್ಪರ್ಧೆಯಲ್ಲಿ ಗ್ರಾಮದ ಮಹಿಳೆಯರು ಬಹುಮಾನ ಪಡೆದರು. ಕಾರ್ಯಕ್ರಮದಲ್ಲಿ ಗ್ರಾಮ ಪಂಚಾಯಿತಿ ಅಧ್ಯಕ್ಷರು, ಸದಸ್ಯರು, ಯುವಕ ಸಂಘದ ಪದಾಧಿಕಾರಿಗಳು ಹಾಗೂ ಗ್ರಾಮಸ್ಥರು ಭಾಗವಹಿಸಿದ್ದರು.
ಪಾಂಡವಪುರ, ಜು.13- ತಾಲೂಕಿನ ದೊಡ್ಡಬ್ಯಾಡರಹಳ್ಳಿ ಗ್ರಾಮದಲ್ಲಿ ಆಷಾಢ ಮಾಸದ ಅಂಗವಾಗಿ ಗ್ರಾಮದ ಯುವಕ ಸಂಘದ ವತಿಯಿಂದ ಗಾಳಿಪಟ, ರಂಗೋಲಿ ಹಾಗೂ ಗುಂಡು ಎತ್ತುವ ಸ್ಪರ್ಧೆಗಳನ್ನು ಆಯೋಜಿಸಲಾಗಿತ್ತು. ಸ್ಪರ್ಧೆಯಲ್ಲಿ ಗ್ರಾಮದ ಹಾಗೂ ಸುತ್ತಮುತ್ತಲ ಗ್ರಾಮಗಳ ನೂರಾರು ಮಂದಿ ಉತ್ಸಾಹದಿಂದ ಪಾಲ್ಗೊಂಡಿದ್ದರು. ಮಕ್ಕಳು ಹಾಗೂ ಯುವಕರು ಬಣ್ಣಬಣ್ಣದ ಗಾಳಿಪಟಗಳನ್ನು ಹಾರಿಸಿ ಸಂಭ್ರಮಿಸಿದರು. ಮಹಿಳೆಯರು ಆಕರ್ಷಕ ರಂಗೋಲಿಗಳನ್ನು ಬಿಡಿಸಿ ಗಮನ ಸೆಳೆದರು. ಗುಂಡು ಎತ್ತುವ ಸ್ಪರ್ಧೆಯಲ್ಲಿ ಯುವಕರು ತಮ್ಮ ಶಕ್ತಿ ಪ್ರದರ್ಶಿಸಿದರು. ಗ್ರಾಮೀಣ ಕ್ರೀಡೆಗಳು ನಮ್ಮ ಸಂಸ್ಕೃತಿಯ ಪ್ರತೀಕವಾಗಿದ್ದು ಅವುಗಳನ್ನು ಉಳಿಸಿ ಬೆಳೆಸಬೇಕು ಎಂದು ಅತಿಥಿಗಳು ಹೇಳಿದರು. ವಿಜೇತರಿಗೆ ಬಹುಮಾನ ವಿತರಿಸಲಾಯಿತು. ಗಾಳಿಪಟ ಸ್ಪರ್ಧೆಯಲ್ಲಿ ಪ್ರಥಮ, ದ್ವಿತೀಯ ಹಾಗೂ ತೃತೀಯ ಸ್ಥಾನ ಪಡೆದವರಿಗೆ ನಗದು ಬಹುಮಾನ ನೀಡಲಾಯಿತು. ರಂಗೋಲಿ ಸ್ಪರ್ಧೆಯಲ್ಲಿ ಗ್ರಾಮದ ಮಹಿಳೆಯರು ಬಹುಮಾನ ಪಡೆದರು. ಕಾರ್ಯಕ್ರಮದಲ್ಲಿ ಗ್ರಾಮ ಪಂಚಾಯಿತಿ ಅಧ್ಯಕ್ಷರು, ಸದಸ್ಯರು, ಯುವಕ ಸಂಘದ
ಪಾಂಡವಪುರ, ಜು.13- ತಾಲೂಕಿನ ದೊಡ್ಡಬ್ಯಾಡರಹಳ್ಳಿ ಗ್ರಾಮದಲ್ಲಿ ಆಷಾಢ ಮಾಸದ ಅಂಗವಾಗಿ ಗ್ರಾಮದ ಯುವಕ ಸಂಘದ ವತಿಯಿಂದ ಗಾಳಿಪಟ, ರಂಗೋಲಿ ಹಾಗೂ ಗುಂಡು ಎತ್ತುವ ಸ್ಪರ್ಧೆಗಳನ್ನು ಆಯೋಜಿಸಲಾಗಿತ್ತು. ಸ್ಪರ್ಧೆಯಲ್ಲಿ ಗ್ರಾಮದ ಹಾಗೂ ಸುತ್ತಮುತ್ತಲ ಗ್ರಾಮಗಳ ನೂರಾರು ಮಂದಿ ಉತ್ಸಾಹದಿಂದ ಪಾಲ್ಗೊಂಡಿದ್ದರು. ಮಕ್ಕಳು ಹಾಗೂ ಯುವಕರು ಬಣ್ಣಬಣ್ಣದ ಗಾಳಿಪಟಗಳನ್ನು ಹಾರಿಸಿ ಸಂಭ್ರಮಿಸಿದರು. ಮಹಿಳೆಯರು ಆಕರ್ಷಕ ರಂಗೋಲಿಗಳನ್ನು ಬಿಡಿಸಿ ಗಮನ ಸೆಳೆದರು. ಗುಂಡು ಎತ್ತುವ ಸ್ಪರ್ಧೆಯಲ್ಲಿ ಯುವಕರು ತಮ್ಮ ಶಕ್ತಿ ಪ್ರದರ್ಶಿಸಿದರು. ಗ್ರಾಮೀಣ ಕ್ರೀಡೆಗಳು ನಮ್ಮ ಸಂಸ್ಕೃತಿಯ ಪ್ರತೀಕವಾಗಿದ್ದು ಅವುಗಳನ್ನು ಉಳಿಸಿ ಬೆಳೆಸಬೇಕು ಎಂದು ಅತಿಥಿಗಳು ಹೇಳಿದರು. ವಿಜೇತರಿಗೆ ಬಹುಮಾನ ವಿತರಿಸಲಾಯಿತು. ಗಾಳಿಪಟ ಸ್ಪರ್ಧೆಯಲ್ಲಿ ಪ್ರಥಮ, ದ್ವಿತೀಯ ಹಾಗೂ ತೃತೀಯ ಸ್ಥಾನ ಪಡೆದವರಿಗೆ ನಗದು ಬಹುಮಾನ ನೀಡಲಾಯಿತು. ರಂಗೋಲಿ ಸ್ಪರ್ಧೆಯಲ್ಲಿ ಗ್ರಾಮದ ಮಹಿಳೆಯರು ಬಹುಮಾನ ಪಡೆದರು. ಕಾರ್ಯಕ್ರಮದಲ್ಲಿ ಗ್ರಾಮ ಪಂಚಾಯಿತಿ ಅಧ್ಯಕ್ಷರು, ಸದಸ್ಯರು, ಯುವಕ ಸಂಘದ ಪದಾಧಿಕಾರಿಗಳು ಹಾಗೂ ಗ್ರಾಮಸ್ಥರು
ಅಪರಿಚಿತ ಮಹಿಳೆ ಶವ ಪತ್ತೆ
ಮಂಡ್ಯ, ಜು.13- ನಗರದ ಹೊರವಲಯದ ನಾಲೆಯಲ್ಲಿ ಸುಮಾರು 40 ವರ್ಷ ವಯಸ್ಸಿನ ಅಪರಿಚಿತ ಮಹಿಳೆಯೊಬ್ಬರ ಶವ ಪತ್ತೆಯಾಗಿದೆ. ಸ್ಥಳೀಯರ ಮಾಹಿತಿ ಮೇರೆಗೆ ಸ್ಥಳಕ್ಕೆ ಆಗಮಿಸಿದ ಪೊಲೀಸರು ಶವವನ್ನು ಹೊರತೆಗೆದು ಮರಣೋತ್ತರ ಪರೀಕ್ಷೆಗಾಗಿ ಜಿಲ್ಲಾ ಆಸ್ಪತ್ರೆಗೆ ರವಾನಿಸಿದ್ದಾರೆ. ಮೃತರ ಗುರುತು ಪತ್ತೆಯಾಗಿಲ್ಲ. ವಾರಸುದಾರರು ಇದ್ದಲ್ಲಿ ಪೊಲೀಸ್ ಠಾಣೆಯನ್ನು ಸಂಪರ್ಕಿಸುವಂತೆ ಕೋರಲಾಗಿದೆ.
